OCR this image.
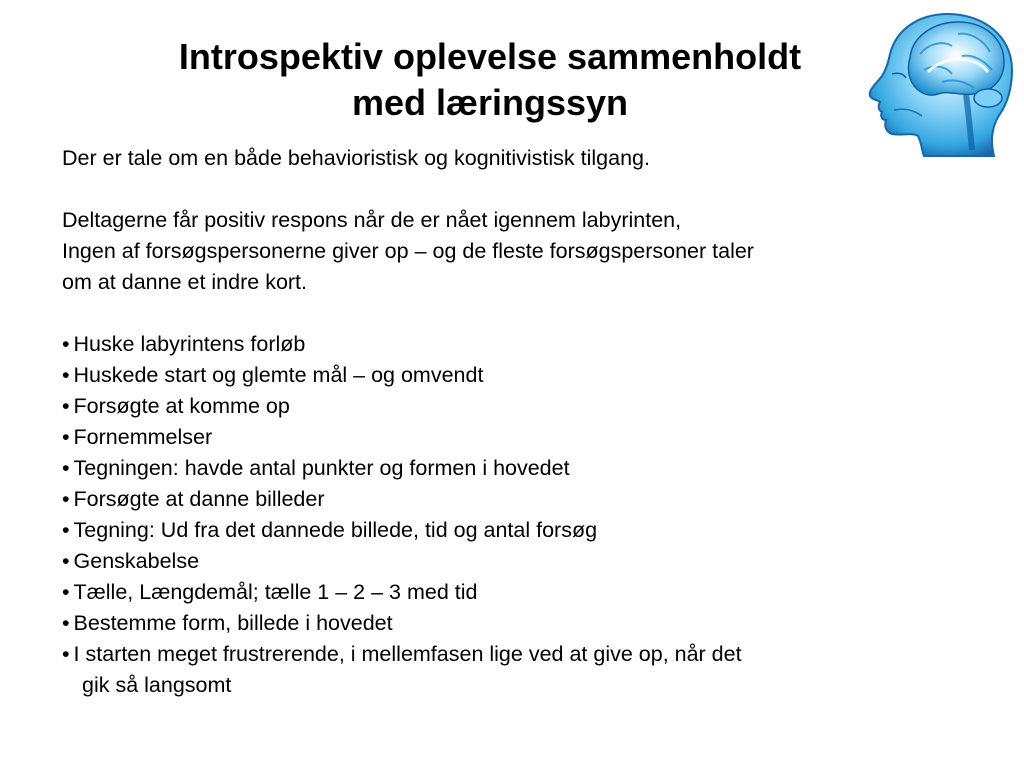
Introspektiv oplevelse sammenholdt
med læringssyn

Der er tale om en både behavioristisk og kognitivistisk tilgang.

Deltagerne får positiv respons når de er nået igennem labyrinten,

Ingen af forsøgspersonerne giver op – og de fleste forsøgspersoner taler

om at danne et indre kort.

• Huske labyrintens forløb
• Huskede start og glemte mål – og omvendt
• Forsøgte at komme op
• Fornemmelser
• Tegningen: havde antal punkter og formen i hovedet
• Forsøgte at danne billeder
• Tegning: Ud fra det dannede billede, tid og antal forsøg
• Genskabelse
• Tælle, Længdemål; tælle 1 – 2 – 3 med tid
• Bestemme form, billede i hovedet
• I starten meget frustrerende, i mellemfasen lige ved at give op, når det
gik så langsomt
